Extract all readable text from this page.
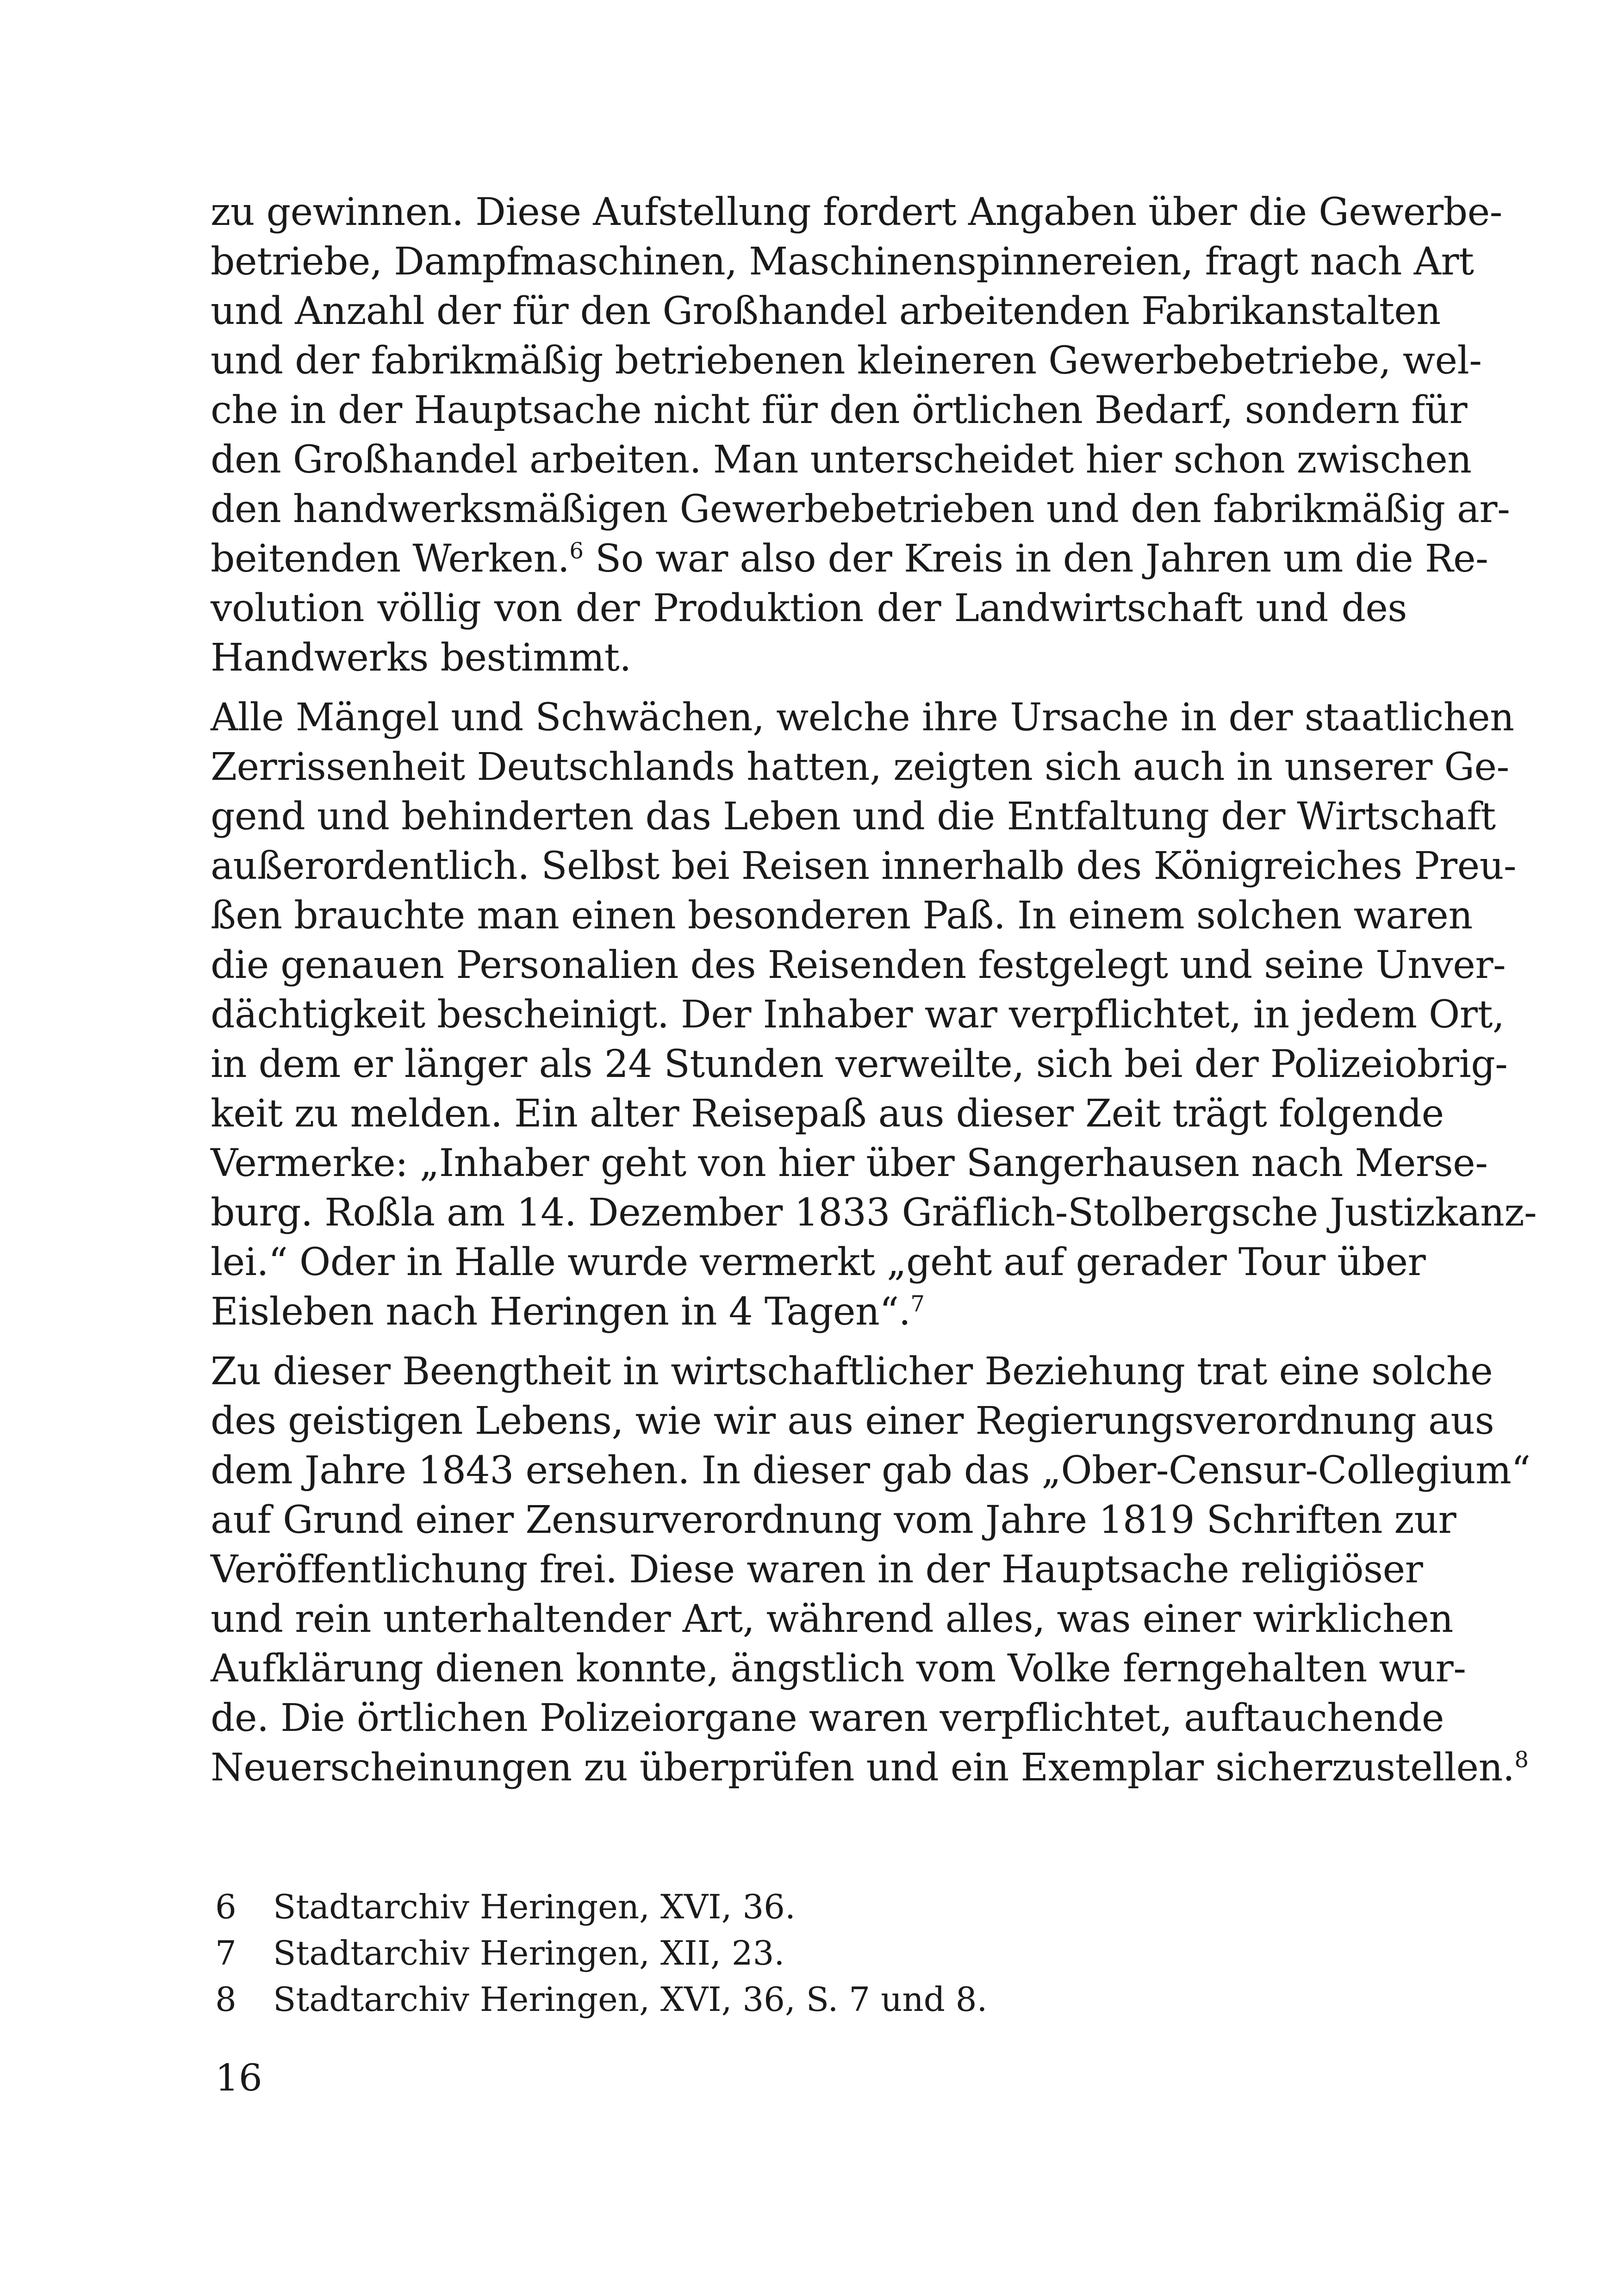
zu gewinnen. Diese Aufstellung fordert Angaben über die Gewerbe-
betriebe, Dampfmaschinen, Maschinenspinnereien, fragt nach Art
und Anzahl der für den Großhandel arbeitenden Fabrikanstalten
und der fabrikmäßig betriebenen kleineren Gewerbebetriebe, wel-
che in der Hauptsache nicht für den örtlichen Bedarf, sondern für
den Großhandel arbeiten. Man unterscheidet hier schon zwischen
den handwerksmäßigen Gewerbebetrieben und den fabrikmäßig ar-
beitenden Werken.$^6$ So war also der Kreis in den Jahren um die Re-
volution völlig von der Produktion der Landwirtschaft und des
Handwerks bestimmt.

Alle Mängel und Schwächen, welche ihre Ursache in der staatlichen
Zerrissenheit Deutschlands hatten, zeigten sich auch in unserer Ge-
gend und behinderten das Leben und die Entfaltung der Wirtschaft
außerordentlich. Selbst bei Reisen innerhalb des Königreiches Preu-
ßen brauchte man einen besonderen Paß. In einem solchen waren
die genauen Personalien des Reisenden festgelegt und seine Unver-
dächtigkeit bescheinigt. Der Inhaber war verpflichtet, in jedem Ort,
in dem er länger als 24 Stunden verweilte, sich bei der Polizeiobrig-
keit zu melden. Ein alter Reisepaß aus dieser Zeit trägt folgende
Vermerke: „Inhaber geht von hier über Sangerhausen nach Merse-
burg. Roßla am 14. Dezember 1833 Gräflich-Stolbergsche Justizkanz-
lei.“ Oder in Halle wurde vermerkt „geht auf gerader Tour über
Eisleben nach Heringen in 4 Tagen“.$^7$

Zu dieser Beengtheit in wirtschaftlicher Beziehung trat eine solche
des geistigen Lebens, wie wir aus einer Regierungsverordnung aus
dem Jahre 1843 ersehen. In dieser gab das „Ober-Censur-Collegium“
auf Grund einer Zensurverordnung vom Jahre 1819 Schriften zur
Veröffentlichung frei. Diese waren in der Hauptsache religiöser
und rein unterhaltender Art, während alles, was einer wirklichen
Aufklärung dienen konnte, ängstlich vom Volke ferngehalten wur-
de. Die örtlichen Polizeiorgane waren verpflichtet, auftauchende
Neuerscheinungen zu überprüfen und ein Exemplar sicherzustellen.$^8$

6	Stadtarchiv Heringen, XVI, 36.
7	Stadtarchiv Heringen, XII, 23.
8	Stadtarchiv Heringen, XVI, 36, S. 7 und 8.
16
